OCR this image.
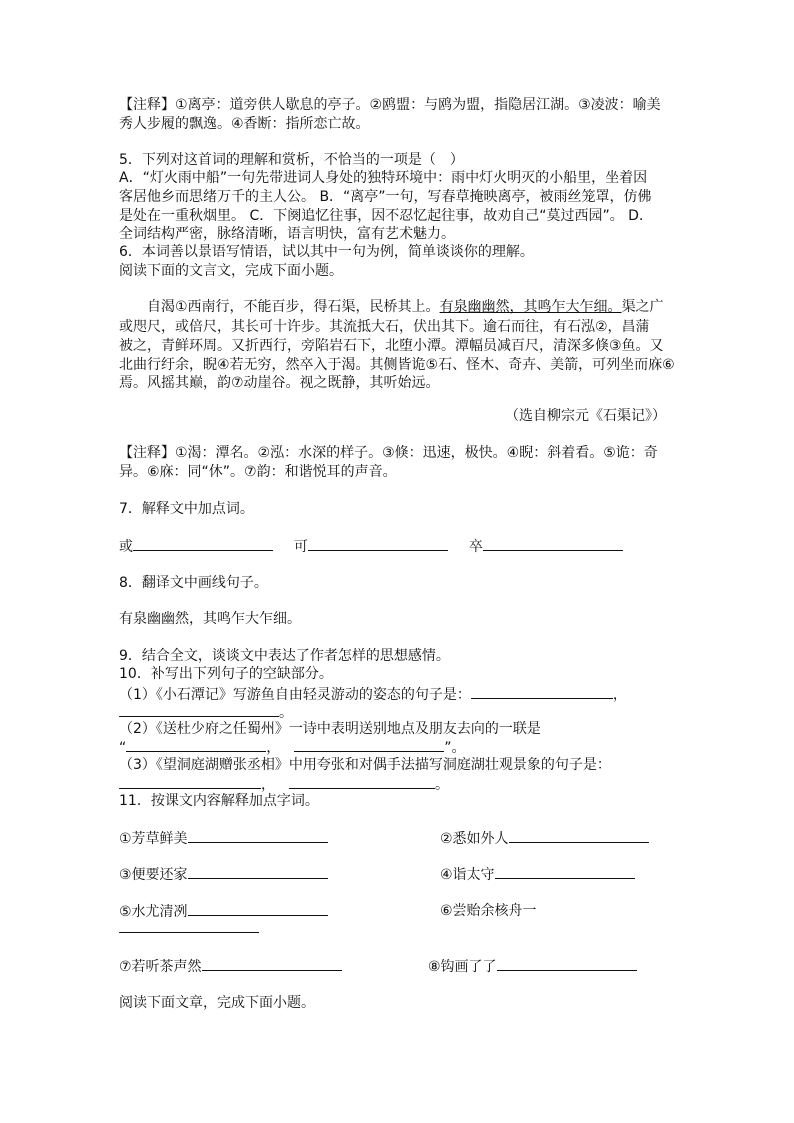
【注释】①离亭：道旁供人歇息的亭子。②鸥盟：与鸥为盟，指隐居江湖。③凌波：喻美
秀人步履的飘逸。④香断：指所恋亡故。
5．下列对这首词的理解和赏析，不恰当的一项是（　）
A．“灯火雨中船”一句先带进词人身处的独特环境中：雨中灯火明灭的小船里，坐着因
客居他乡而思绪万千的主人公。 B．“离亭”一句，写春草掩映离亭，被雨丝笼罩，仿佛
是处在一重秋烟里。 C．下阕追忆往事，因不忍忆起往事，故劝自己“莫过西园”。 D．
全词结构严密，脉络清晰，语言明快，富有艺术魅力。
6．本词善以景语写情语，试以其中一句为例，简单谈谈你的理解。
阅读下面的文言文，完成下面小题。
自渴①西南行，不能百步，得石渠，民桥其上。有泉幽幽然，其鸣乍大乍细。渠之广
或咫尺，或倍尺，其长可十许步。其流抵大石，伏出其下。逾石而往，有石泓②，昌蒲
被之，青鲜环周。又折西行，旁陷岩石下，北堕小潭。潭幅员减百尺，清深多倏③鱼。又
北曲行纡余，睨④若无穷，然卒入于渴。其侧皆诡⑤石、怪木、奇卉、美箭，可列坐而庥⑥
焉。风摇其巅，韵⑦动崖谷。视之既静，其听始远。
（选自柳宗元《石渠记》）
【注释】①渴：潭名。②泓：水深的样子。③倏：迅速，极快。④睨：斜着看。⑤诡：奇
异。⑥庥：同“休”。⑦韵：和谐悦耳的声音。
7．解释文中加点词。
或	可	卒
8．翻译文中画线句子。
有泉幽幽然，其鸣乍大乍细。
9．结合全文，谈谈文中表达了作者怎样的思想感情。
10．补写出下列句子的空缺部分。
（1）《小石潭记》写游鱼自由轻灵游动的姿态的句子是：	，
。
（2）《送杜少府之任蜀州》一诗中表明送别地点及朋友去向的一联是
“	，	”。
（3）《望洞庭湖赠张丞相》中用夸张和对偶手法描写洞庭湖壮观景象的句子是：
，	。
11．按课文内容解释加点字词。
①芳草鲜美	②悉如外人
③便要还家	④诣太守
⑤水尤清冽	⑥尝贻余核舟一
⑦若听茶声然	⑧钩画了了
阅读下面文章，完成下面小题。
